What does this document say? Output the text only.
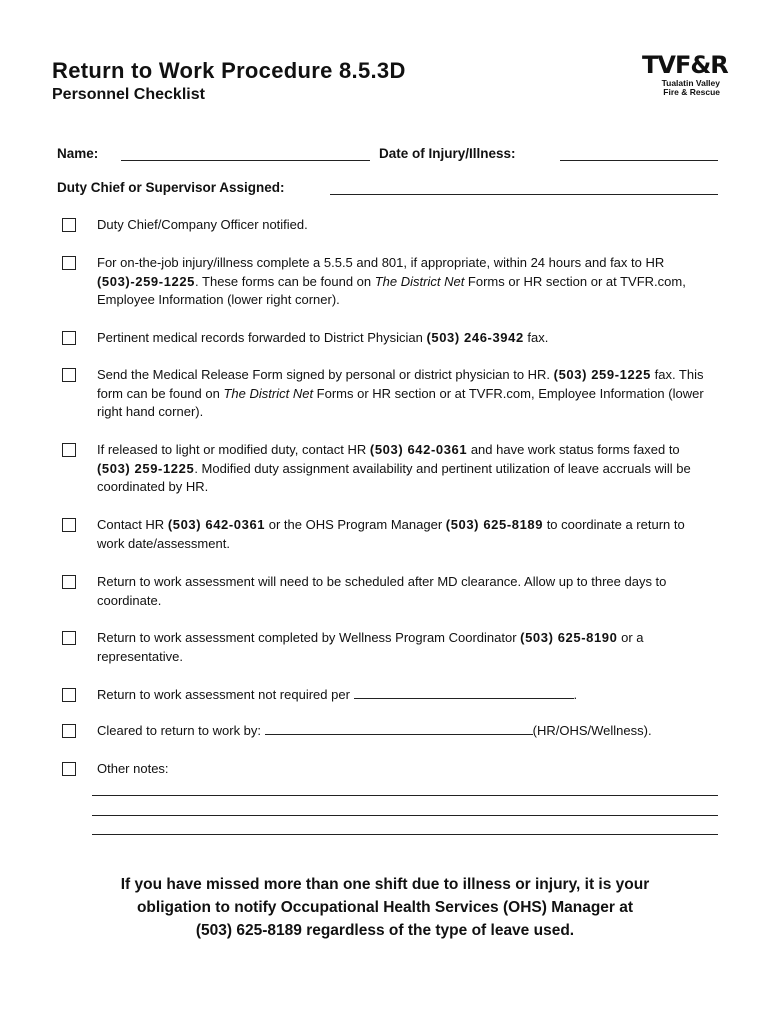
Return to Work Procedure 8.5.3D
Personnel Checklist
TVF&R
Tualatin Valley
Fire & Rescue
Name:	Date of Injury/Illness:
Duty Chief or Supervisor Assigned:
Duty Chief/Company Officer notified.
For on-the-job injury/illness complete a 5.5.5 and 801, if appropriate, within 24 hours and fax to HR (503)-259-1225. These forms can be found on The District Net Forms or HR section or at TVFR.com, Employee Information (lower right corner).
Pertinent medical records forwarded to District Physician (503) 246-3942 fax.
Send the Medical Release Form signed by personal or district physician to HR. (503) 259-1225 fax. This form can be found on The District Net Forms or HR section or at TVFR.com, Employee Information (lower right hand corner).
If released to light or modified duty, contact HR (503) 642-0361 and have work status forms faxed to (503) 259-1225. Modified duty assignment availability and pertinent utilization of leave accruals will be coordinated by HR.
Contact HR (503) 642-0361 or the OHS Program Manager (503) 625-8189 to coordinate a return to work date/assessment.
Return to work assessment will need to be scheduled after MD clearance. Allow up to three days to coordinate.
Return to work assessment completed by Wellness Program Coordinator (503) 625-8190 or a representative.
Return to work assessment not required per	.
Cleared to return to work by:	(HR/OHS/Wellness).
Other notes:
If you have missed more than one shift due to illness or injury, it is your
obligation to notify Occupational Health Services (OHS) Manager at
(503) 625-8189 regardless of the type of leave used.
